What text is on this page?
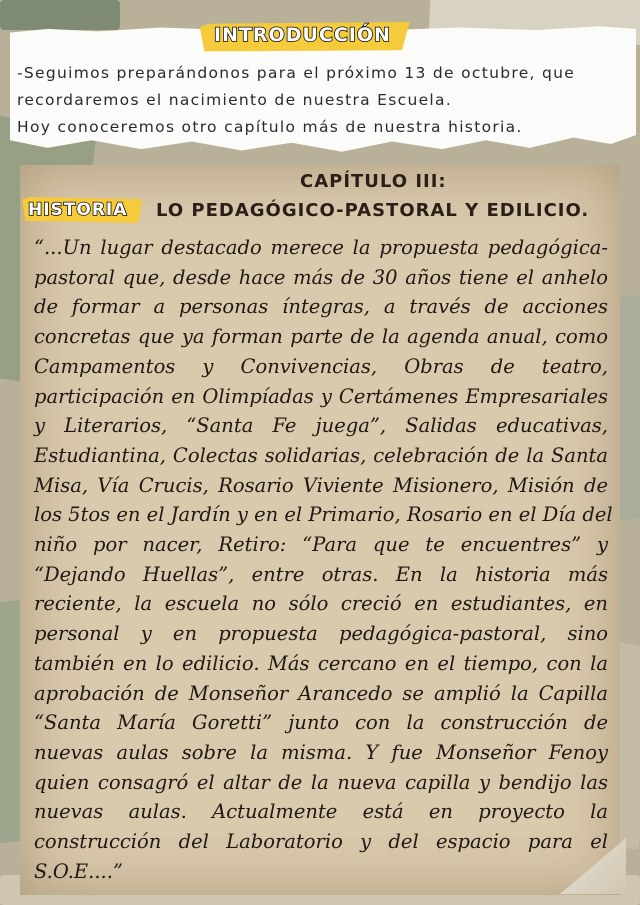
INTRODUCCIÓN

-Seguimos preparándonos para el próximo 13 de octubre, que
recordaremos el nacimiento de nuestra Escuela.
Hoy conoceremos otro capítulo más de nuestra historia.

CAPÍTULO III:
HISTORIA LO PEDAGÓGICO-PASTORAL Y EDILICIO.

“...Un lugar destacado merece la propuesta pedagógica-
pastoral que, desde hace más de 30 años tiene el anhelo
de formar a personas íntegras, a través de acciones
concretas que ya forman parte de la agenda anual, como
Campamentos y Convivencias, Obras de teatro,
participación en Olimpíadas y Certámenes Empresariales
y Literarios, “Santa Fe juega”, Salidas educativas,
Estudiantina, Colectas solidarias, celebración de la Santa
Misa, Vía Crucis, Rosario Viviente Misionero, Misión de
los 5tos en el Jardín y en el Primario, Rosario en el Día del
niño por nacer, Retiro: “Para que te encuentres” y
“Dejando Huellas”, entre otras. En la historia más
reciente, la escuela no sólo creció en estudiantes, en
personal y en propuesta pedagógica-pastoral, sino
también en lo edilicio. Más cercano en el tiempo, con la
aprobación de Monseñor Arancedo se amplió la Capilla
“Santa María Goretti” junto con la construcción de
nuevas aulas sobre la misma. Y fue Monseñor Fenoy
quien consagró el altar de la nueva capilla y bendijo las
nuevas aulas. Actualmente está en proyecto la
construcción del Laboratorio y del espacio para el
S.O.E....”
